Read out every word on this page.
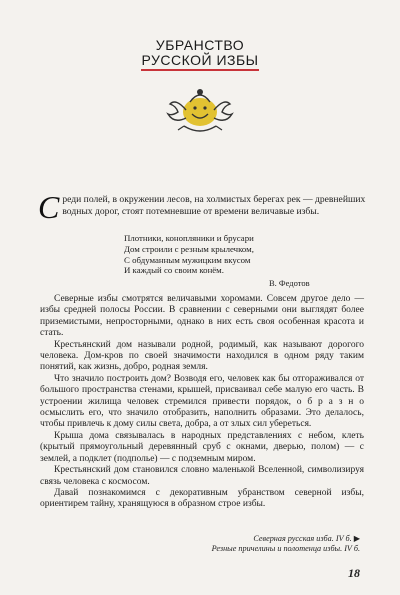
УБРАНСТВО
РУССКОЙ ИЗБЫ
Среди полей, в окружении лесов, на холмистых берегах рек — древнейших водных дорог, стоят потемневшие от времени величавые избы.
Плотники, конопляники и брусари
Дом строили с резным крылечком,
С обдуманным мужицким вкусом
И каждый со своим конём.
В. Федотов

Северные избы смотрятся величавыми хоромами. Совсем другое дело — избы средней полосы России. В сравнении с северными они выглядят более приземистыми, непросторными, однако в них есть своя особенная красота и стать.

Крестьянский дом называли родной, родимый, как называют дорогого человека. Дом-кров по своей значимости находился в одном ряду таким понятий, как жизнь, добро, родная земля.

Что значило построить дом? Возводя его, человек как бы отгораживался от большого пространства стенами, крышей, присваивал себе малую его часть. В устроении жилища человек стремился привести порядок, о б р а з н о осмыслить его, что значило отобразить, наполнить образами. Это делалось, чтобы привлечь к дому силы света, добра, а от злых сил убереться.

Крыша дома связывалась в народных представлениях с небом, клеть (крытый прямоугольный деревянный сруб с окнами, дверью, полом) — с землей, а подклет (подполье) — с подземным миром.

Крестьянский дом становился словно маленькой Вселенной, символизируя связь человека с космосом.

Давай познакомимся с декоративным убранством северной избы, ориентирем тайну, хранящуюся в образном строе избы.

Северная русская изба. IV б. ▶
Резные причелины и полотенца избы. IV б.
18
